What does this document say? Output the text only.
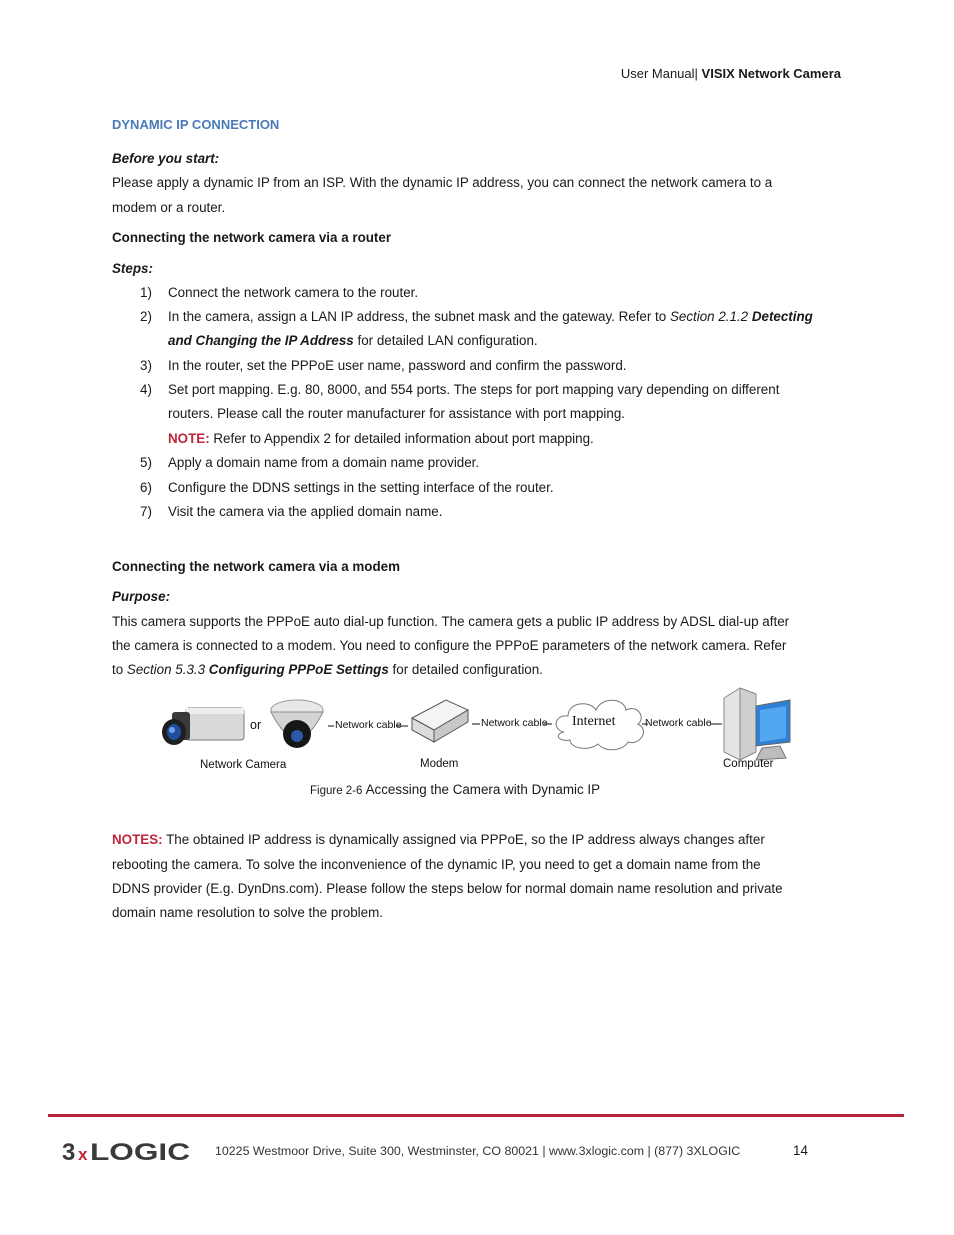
User Manual| VISIX Network Camera
DYNAMIC IP CONNECTION
Before you start:
Please apply a dynamic IP from an ISP. With the dynamic IP address, you can connect the network camera to a
modem or a router.
Connecting the network camera via a router
Steps:
1) Connect the network camera to the router.
2) In the camera, assign a LAN IP address, the subnet mask and the gateway. Refer to Section 2.1.2 Detecting
and Changing the IP Address for detailed LAN configuration.
3) In the router, set the PPPoE user name, password and confirm the password.
4) Set port mapping. E.g. 80, 8000, and 554 ports. The steps for port mapping vary depending on different
routers. Please call the router manufacturer for assistance with port mapping.
NOTE: Refer to Appendix 2 for detailed information about port mapping.
5) Apply a domain name from a domain name provider.
6) Configure the DDNS settings in the setting interface of the router.
7) Visit the camera via the applied domain name.
Connecting the network camera via a modem
Purpose:
This camera supports the PPPoE auto dial-up function. The camera gets a public IP address by ADSL dial-up after
the camera is connected to a modem. You need to configure the PPPoE parameters of the network camera. Refer
to Section 5.3.3 Configuring PPPoE Settings for detailed configuration.
or	Network cable	Network cable Internet	Network cable
Network Camera	Modem	Computer
Figure 2-6 Accessing the Camera with Dynamic IP
NOTES: The obtained IP address is dynamically assigned via PPPoE, so the IP address always changes after
rebooting the camera. To solve the inconvenience of the dynamic IP, you need to get a domain name from the
DDNS provider (E.g. DynDns.com). Please follow the steps below for normal domain name resolution and private
domain name resolution to solve the problem.
3 x LOGIC 10225 Westmoor Drive, Suite 300, Westminster, CO 80021 | www.3xlogic.com | (877) 3XLOGIC	14
